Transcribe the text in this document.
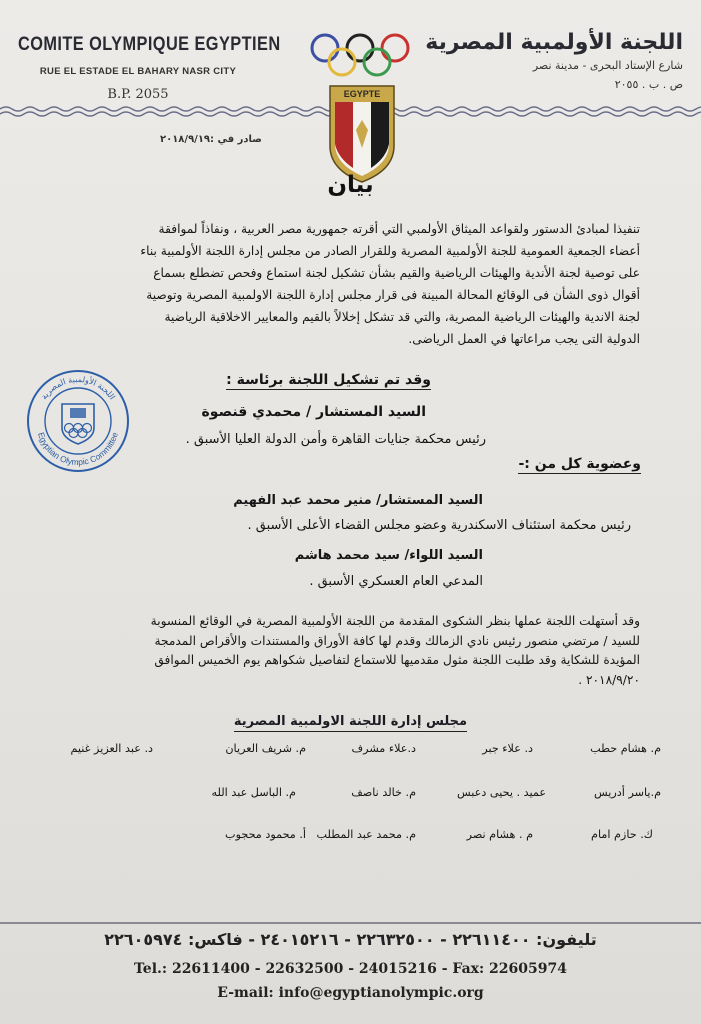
COMITE OLYMPIQUE EGYPTIEN
RUE EL ESTADE EL BAHARY NASR CITY
B.P. 2055
اللجنة الأولمبية المصرية
شارع الإستاد البحرى - مدينة نصر
ص . ب . ٢٠٥٥
EGYPTE
صادر في :٢٠١٨/٩/١٩
بيان
تنفيذا لمبادئ الدستور ولقواعد الميثاق الأولمبي التي أقرته جمهورية مصر العربية ، ونفاذاً لموافقة
أعضاء الجمعية العمومية للجنة الأولمبية المصرية وللقرار الصادر من مجلس إدارة اللجنة الأولمبية بناء
على توصية لجنة الأندية والهيئات الرياضية والقيم بشأن تشكيل لجنة استماع وفحص تضطلع بسماع
أقوال ذوى الشأن فى الوقائع المحالة المبينة فى قرار مجلس إدارة اللجنة الاولمبية المصرية وتوصية
لجنة الاندية والهيئات الرياضية المصرية، والتي قد تشكل إخلالاً بالقيم والمعايير الاخلاقية الرياضية
الدولية التى يجب مراعاتها في العمل الرياضى.
وقد تم تشكيل اللجنة برئاسة :
السيد المستشار / محمدي قنصوة
رئيس محكمة جنايات القاهرة وأمن الدولة العليا الأسبق .
وعضوية كل من :-
السيد المستشار/ منير محمد عبد الفهيم
رئيس محكمة استئناف الاسكندرية وعضو مجلس القضاء الأعلى الأسبق .
السيد اللواء/ سيد محمد هاشم
المدعي العام العسكري الأسبق .
اللجنة الأولمبية المصرية
Egyptian Olympic Committee
وقد أستهلت اللجنة عملها بنظر الشكوى المقدمة من اللجنة الأولمبية المصرية في الوقائع المنسوبة
للسيد / مرتضي منصور رئيس نادي الزمالك وقدم لها كافة الأوراق والمستندات والأقراص المدمجة
المؤيدة للشكاية وقد طلبت اللجنة مثول مقدميها للاستماع لتفاصيل شكواهم يوم الخميس الموافق
٢٠١٨/٩/٢٠ .
مجلس إدارة اللجنة الاولمبية المصرية
م. هشام حطب
د. علاء جبر
د.علاء مشرف
م. شريف العريان
د. عبد العزيز غنيم
م.ياسر أدريس
عميد . يحيى دعبس
م. خالد ناصف
م. الباسل عبد الله
ك. حازم امام
م . هشام نصر
م. محمد عبد المطلب
أ. محمود محجوب
تليفون: ٢٢٦١١٤٠٠ - ٢٢٦٣٢٥٠٠ - ٢٤٠١٥٢١٦ - فاكس: ٢٢٦٠٥٩٧٤
Tel.: 22611400 - 22632500 - 24015216 - Fax: 22605974
E-mail: info@egyptianolympic.org
